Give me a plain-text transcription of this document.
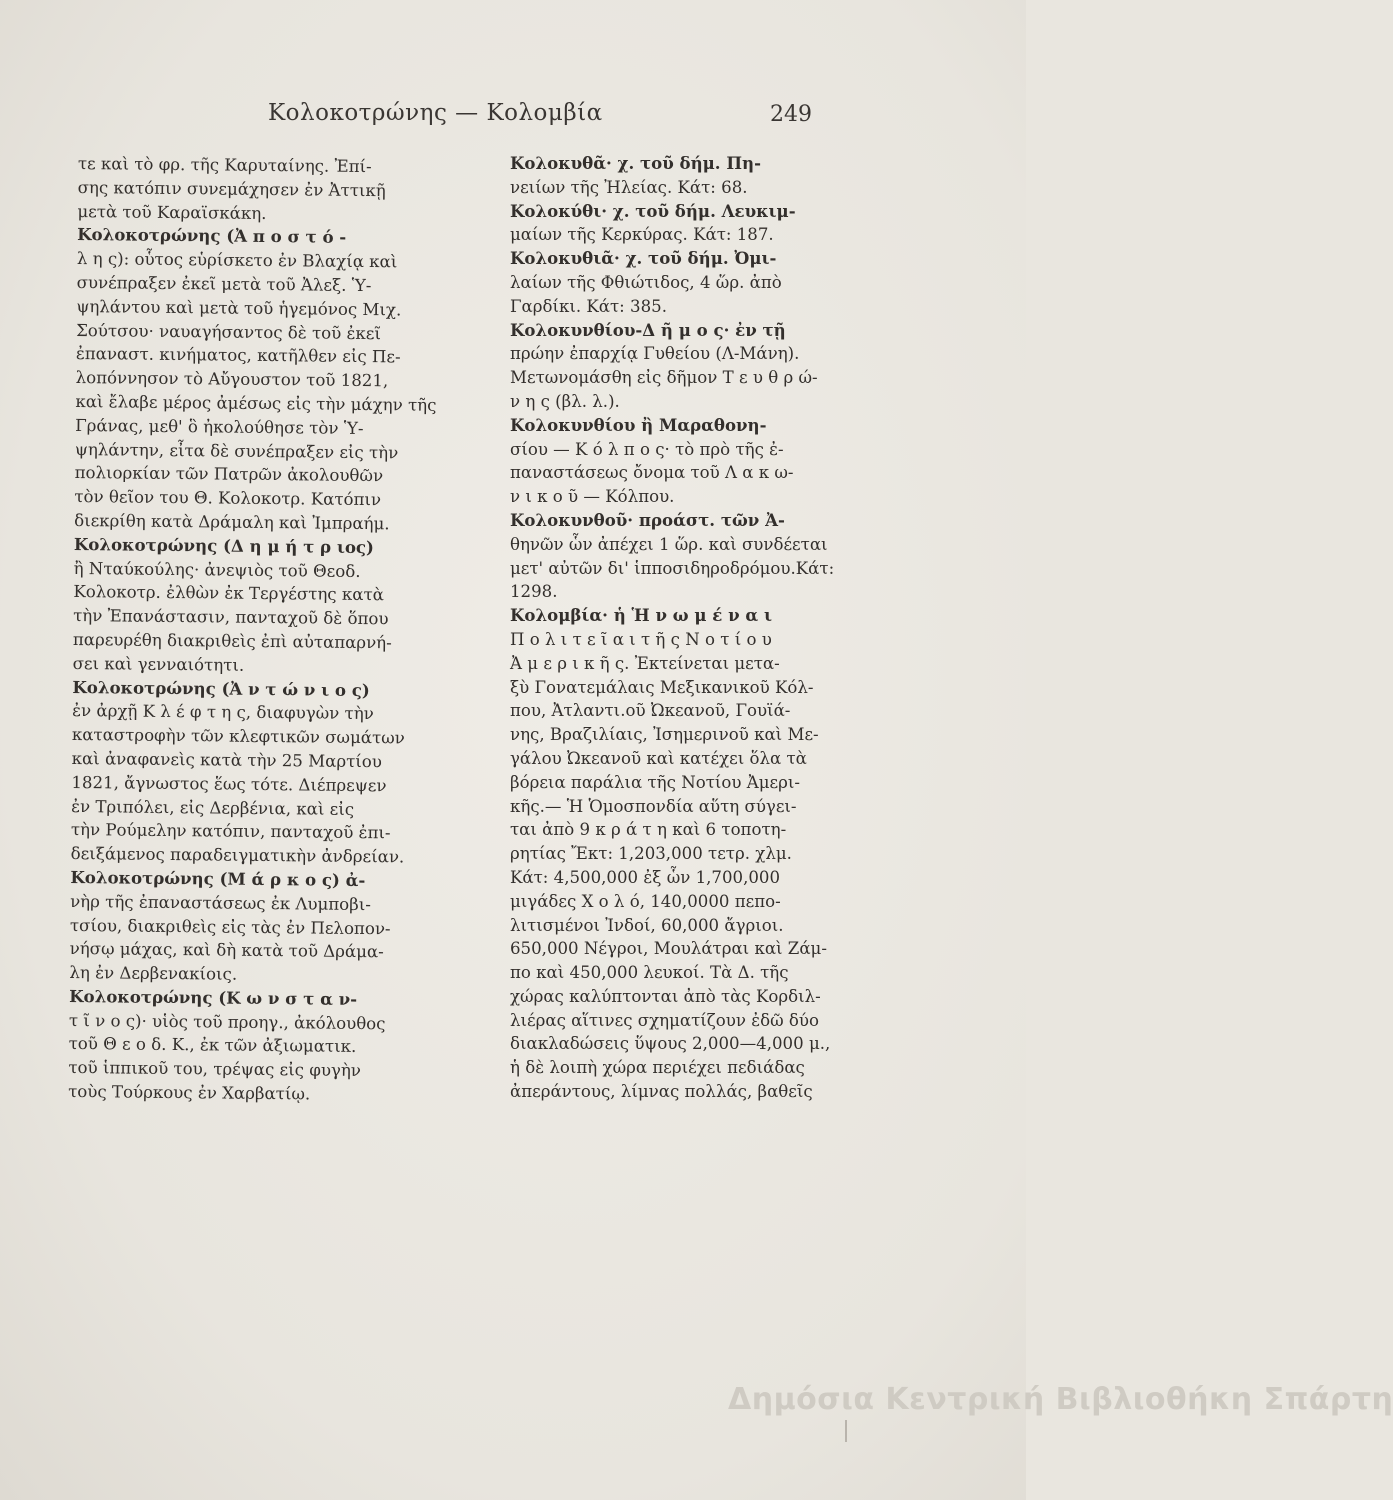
Κολοκοτρώνης — Κολομβία	249
τε καὶ τὸ φρ. τῆς Καρυταίνης. Ἐπί-
σης κατόπιν συνεμάχησεν ἐν Ἀττικῇ
μετὰ τοῦ Καραϊσκάκη.
Κολοκοτρώνης (Ἀ π ο σ τ ό -
λ η ς): οὗτος εὑρίσκετο ἐν Βλαχίᾳ καὶ
συνέπραξεν ἐκεῖ μετὰ τοῦ Ἀλεξ. Ὑ-
ψηλάντου καὶ μετὰ τοῦ ἡγεμόνος Μιχ.
Σούτσου· ναυαγήσαντος δὲ τοῦ ἐκεῖ
ἐπαναστ. κινήματος, κατῆλθεν εἰς Πε-
λοπόννησον τὸ Αὔγουστον τοῦ 1821,
καὶ ἔλαβε μέρος ἀμέσως εἰς τὴν μάχην τῆς
Γράνας, μεθ' ὃ ἠκολούθησε τὸν Ὑ-
ψηλάντην, εἶτα δὲ συνέπραξεν εἰς τὴν
πολιορκίαν τῶν Πατρῶν ἀκολουθῶν
τὸν θεῖον του Θ. Κολοκοτρ. Κατόπιν
διεκρίθη κατὰ Δράμαλη καὶ Ἰμπραήμ.
Κολοκοτρώνης (Δ η μ ή τ ρ ιος)
ἢ Νταύκούλης· ἀνεψιὸς τοῦ Θεοδ.
Κολοκοτρ. ἐλθὼν ἐκ Τεργέστης κατὰ
τὴν Ἐπανάστασιν, πανταχοῦ δὲ ὅπου
παρευρέθη διακριθεὶς ἐπὶ αὐταπαρνή-
σει καὶ γενναιότητι.
Κολοκοτρώνης (Ἀ ν τ ώ ν ι ο ς)
ἐν ἀρχῇ Κ λ έ φ τ η ς, διαφυγὼν τὴν
καταστροφὴν τῶν κλεφτικῶν σωμάτων
καὶ ἀναφανεὶς κατὰ τὴν 25 Μαρτίου
1821, ἄγνωστος ἕως τότε. Διέπρεψεν
ἐν Τριπόλει, εἰς Δερβένια, καὶ εἰς
τὴν Ρούμελην κατόπιν, πανταχοῦ ἐπι-
δειξάμενος παραδειγματικὴν ἀνδρείαν.
Κολοκοτρώνης (Μ ά ρ κ ο ς) ἀ-
νὴρ τῆς ἐπαναστάσεως ἐκ Λυμποβι-
τσίου, διακριθεὶς εἰς τὰς ἐν Πελοπον-
νήσῳ μάχας, καὶ δὴ κατὰ τοῦ Δράμα-
λη ἐν Δερβενακίοις.
Κολοκοτρώνης (Κ ω ν σ τ α ν-
τ ῖ ν ο ς)· υἱὸς τοῦ προηγ., ἀκόλουθος
τοῦ Θ ε ο δ. Κ., ἐκ τῶν ἀξιωματικ.
τοῦ ἱππικοῦ του, τρέψας εἰς φυγὴν
τοὺς Τούρκους ἐν Χαρβατίῳ.
Κολοκυθᾶ· χ. τοῦ δήμ. Πη-
νειίων τῆς Ἠλείας. Κάτ: 68.
Κολοκύθι· χ. τοῦ δήμ. Λευκιμ-
μαίων τῆς Κερκύρας. Κάτ: 187.
Κολοκυθιᾶ· χ. τοῦ δήμ. Ὀμι-
λαίων τῆς Φθιώτιδος, 4 ὥρ. ἀπὸ
Γαρδίκι. Κάτ: 385.
Κολοκυνθίου-Δ ῆ μ ο ς· ἐν τῇ
πρώην ἐπαρχίᾳ Γυθείου (Λ-Μάνη).
Μετωνομάσθη εἰς δῆμον Τ ε υ θ ρ ώ-
ν η ς (βλ. λ.).
Κολοκυνθίου ἢ Μαραθονη-
σίου — Κ ό λ π ο ς· τὸ πρὸ τῆς ἐ-
παναστάσεως ὄνομα τοῦ Λ α κ ω-
ν ι κ ο ῦ — Κόλπου.
Κολοκυνθοῦ· προάστ. τῶν Ἀ-
θηνῶν ὧν ἀπέχει 1 ὥρ. καὶ συνδέεται
μετ' αὐτῶν δι' ἱπποσιδηροδρόμου.Κάτ:
1298.
Κολομβία· ἡ Ἡ ν ω μ έ ν α ι
Π ο λ ι τ ε ῖ α ι τ ῆ ς Ν ο τ ί ο υ
Ἀ μ ε ρ ι κ ῆ ς. Ἐκτείνεται μετα-
ξὺ Γονατεμάλαις Μεξικανικοῦ Κόλ-
που, Ἀτλαντι.οῦ Ὠκεανοῦ, Γουϊά-
νης, Βραζιλίαις, Ἰσημερινοῦ καὶ Με-
γάλου Ὠκεανοῦ καὶ κατέχει ὅλα τὰ
βόρεια παράλια τῆς Νοτίου Ἀμερι-
κῆς.— Ἡ Ὁμοσπονδία αὕτη σύγει-
ται ἀπὸ 9 κ ρ ά τ η καὶ 6 τοποτη-
ρητίας Ἔκτ: 1,203,000 τετρ. χλμ.
Κάτ: 4,500,000 ἐξ ὧν 1,700,000
μιγάδες Χ ο λ ό, 140,0000 πεπο-
λιτισμένοι Ἰνδοί, 60,000 ἄγριοι.
650,000 Νέγροι, Μουλάτραι καὶ Ζάμ-
πο καὶ 450,000 λευκοί. Τὰ Δ. τῆς
χώρας καλύπτονται ἀπὸ τὰς Κορδιλ-
λιέρας αἵτινες σχηματίζουν ἐδῶ δύο
διακλαδώσεις ὕψους 2,000—4,000 μ.,
ἡ δὲ λοιπὴ χώρα περιέχει πεδιάδας
ἀπεράντους, λίμνας πολλάς, βαθεῖς
Δημόσια Κεντρική Βιβλιοθήκη Σπάρτη
